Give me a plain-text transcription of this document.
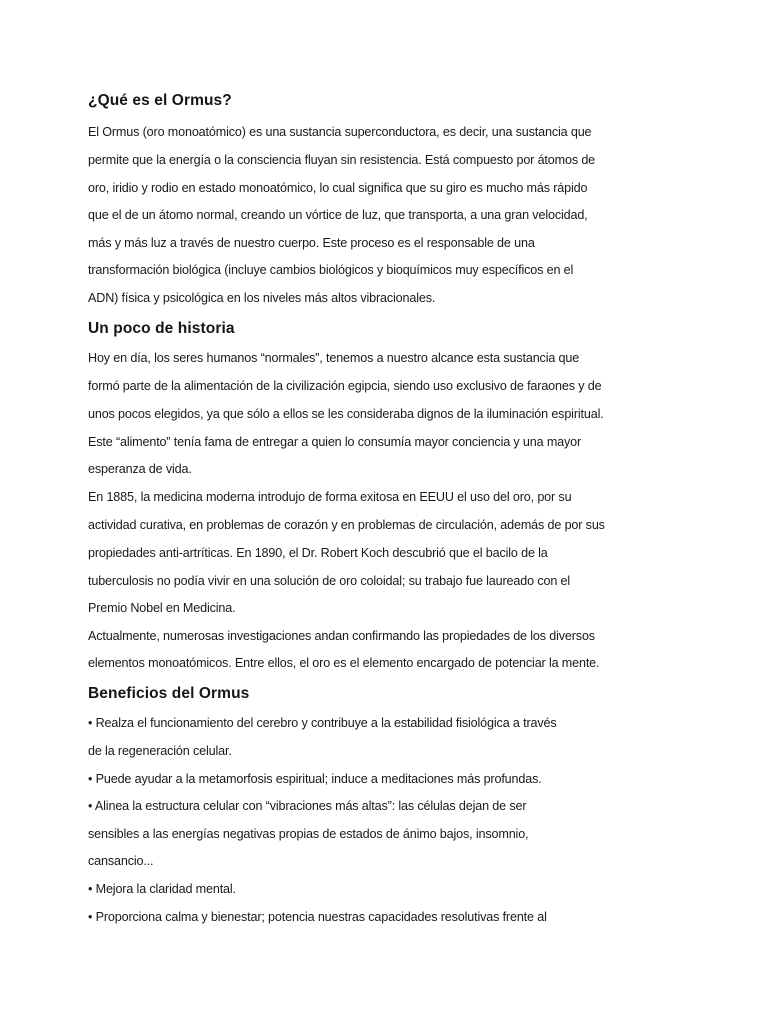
¿Qué es el Ormus?

El Ormus (oro monoatómico) es una sustancia superconductora, es decir, una sustancia que

permite que la energía o la consciencia fluyan sin resistencia. Está compuesto por átomos de

oro, iridio y rodio en estado monoatómico, lo cual significa que su giro es mucho más rápido

que el de un átomo normal, creando un vórtice de luz, que transporta, a una gran velocidad,

más y más luz a través de nuestro cuerpo. Este proceso es el responsable de una

transformación biológica (incluye cambios biológicos y bioquímicos muy específicos en el

ADN) física y psicológica en los niveles más altos vibracionales.

Un poco de historia

Hoy en día, los seres humanos “normales”, tenemos a nuestro alcance esta sustancia que

formó parte de la alimentación de la civilización egipcia, siendo uso exclusivo de faraones y de

unos pocos elegidos, ya que sólo a ellos se les consideraba dignos de la iluminación espiritual.

Este “alimento” tenía fama de entregar a quien lo consumía mayor conciencia y una mayor

esperanza de vida.

En 1885, la medicina moderna introdujo de forma exitosa en EEUU el uso del oro, por su

actividad curativa, en problemas de corazón y en problemas de circulación, además de por sus

propiedades anti-artríticas. En 1890, el Dr. Robert Koch descubrió que el bacilo de la

tuberculosis no podía vivir en una solución de oro coloidal; su trabajo fue laureado con el

Premio Nobel en Medicina.

Actualmente, numerosas investigaciones andan confirmando las propiedades de los diversos

elementos monoatómicos. Entre ellos, el oro es el elemento encargado de potenciar la mente.

Beneficios del Ormus

• Realza el funcionamiento del cerebro y contribuye a la estabilidad fisiológica a través

de la regeneración celular.

• Puede ayudar a la metamorfosis espiritual; induce a meditaciones más profundas.

• Alinea la estructura celular con “vibraciones más altas”: las células dejan de ser

sensibles a las energías negativas propias de estados de ánimo bajos, insomnio,

cansancio...

• Mejora la claridad mental.

• Proporciona calma y bienestar; potencia nuestras capacidades resolutivas frente al
